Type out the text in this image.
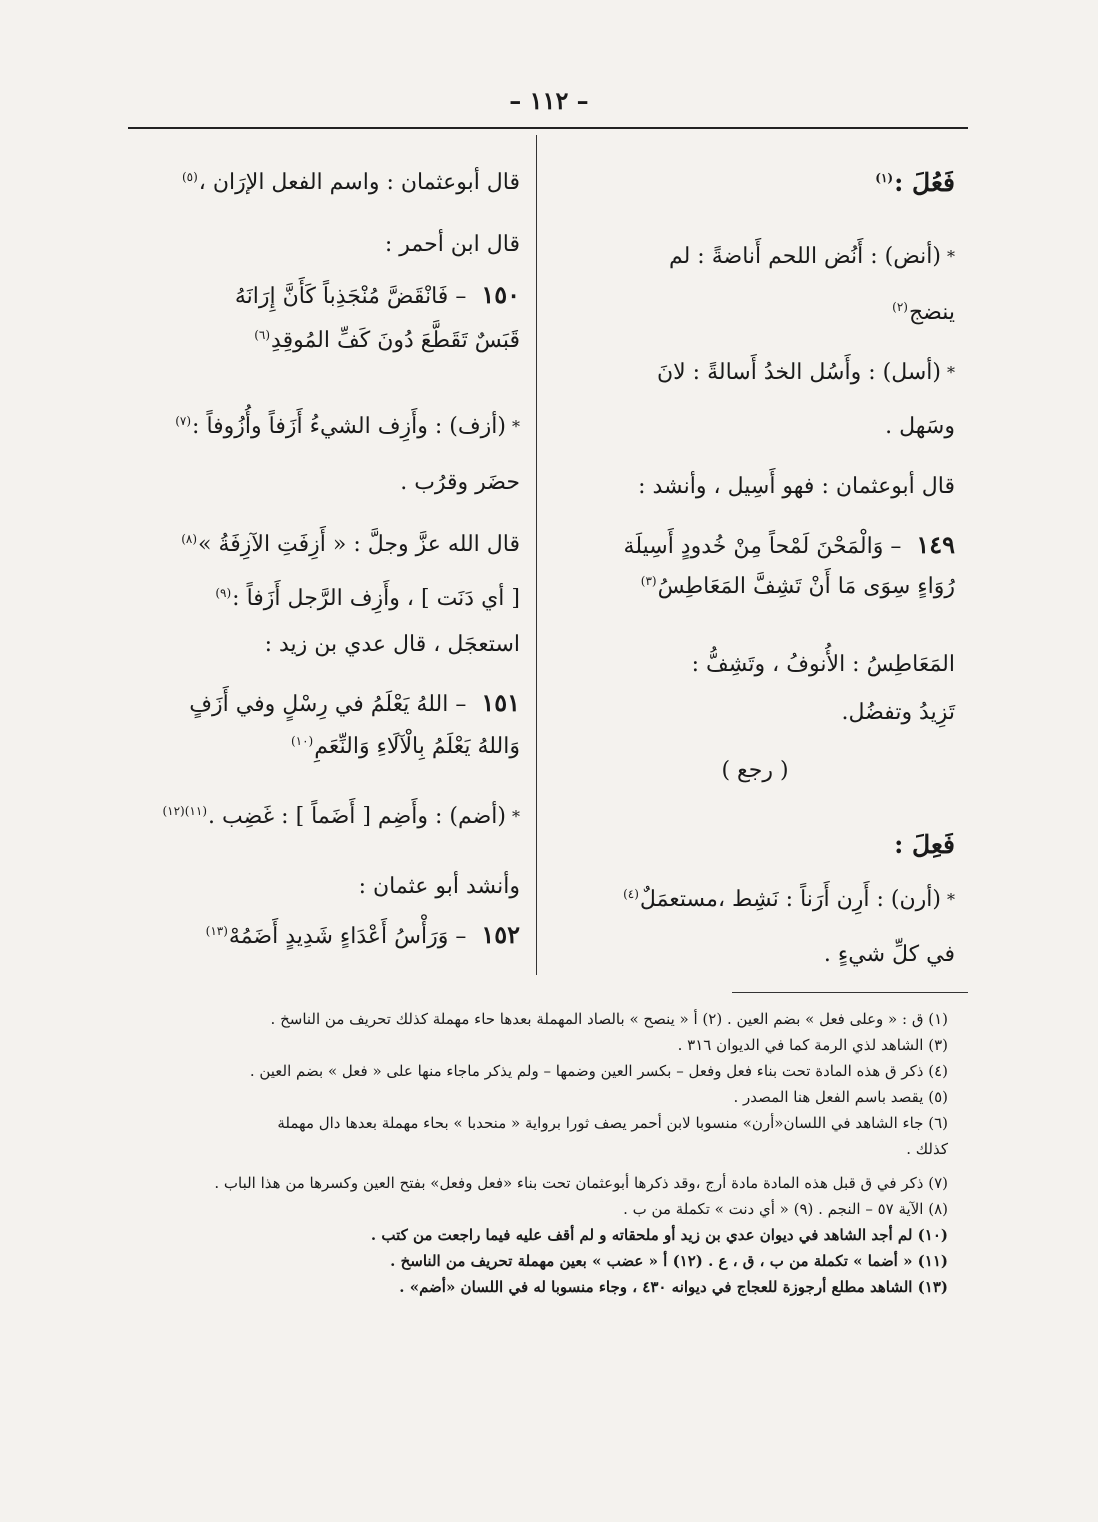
– ١١٢ –
فَعُلَ :$^{(١)}$
*(أنض) : أَنُض اللحم أَناضةً : لم
ينضج$^{(٢)}$
*(أسل) : وأَسُل الخدُ أَسالةً : لانَ
وسَهل .
قال أبوعثمان : فهو أَسِيل ، وأنشد :
١٤٩ – وَالْمَحْنَ لَمْحاً مِنْ خُدودٍ أَسِيلَة
رُوَاءٍ سِوَى مَا أَنْ تَشِفَّ المَعَاطِسُ$^{(٣)}$
المَعَاطِسُ : الأُنوفُ ، وتَشِفُّ :
تَزِيدُ وتفضُل.
( رجع )
فَعِلَ :
*(أرن) : أَرِن أَرَناً : نَشِط ،مستعمَلٌ$^{(٤)}$
في كلِّ شيءٍ .
قال أبوعثمان : واسم الفعل الإرَان ،$^{(٥)}$
قال ابن أحمر :
١٥٠ – فَانْقَضَّ مُنْجَذِباً كَأَنَّ إِرَانَهُ
قَبَسٌ تَقَطَّعَ دُونَ كَفِّ المُوقِدِ$^{(٦)}$
*(أزف) : وأَزِف الشيءُ أَزَفاً وأُزُوفاً :$^{(٧)}$
حضَر وقرُب .
قال الله عزَّ وجلَّ : « أَزِفَتِ الآزِفَةُ »$^{(٨)}$
[ أي دَنَت ] ، وأَزِف الرَّجل أَزَفاً :$^{(٩)}$
استعجَل ، قال عدي بن زيد :
١٥١ – اللهُ يَعْلَمُ في رِسْلٍ وفي أَزَفٍ
وَاللهُ يَعْلَمُ بِالْآلَاءِ وَالنِّعَمِ$^{(١٠)}$
*(أضم) : وأَضِم [ أَضَماً ] : غَضِب .$^{(١١)(١٢)}$
وأنشد أبو عثمان :
١٥٢ – وَرَأْسُ أَعْدَاءٍ شَدِيدٍ أَضَمُهْ$^{(١٣)}$
(١) ق : « وعلى فعل » بضم العين . (٢) أ « ينصح » بالصاد المهملة بعدها حاء مهملة كذلك تحريف من الناسخ .
(٣) الشاهد لذي الرمة كما في الديوان ٣١٦ .
(٤) ذكر ق هذه المادة تحت بناء فعل وفعل – بكسر العين وضمها – ولم يذكر ماجاء منها على « فعل » بضم العين .
(٥) يقصد باسم الفعل هنا المصدر .
(٦) جاء الشاهد في اللسان«أرن» منسوبا لابن أحمر يصف ثورا برواية « منحدبا » بحاء مهملة بعدها دال مهملة
كذلك .
(٧) ذكر في ق قبل هذه المادة مادة أرج ،وقد ذكرها أبوعثمان تحت بناء «فعل وفعل» بفتح العين وكسرها من هذا الباب .
(٨) الآية ٥٧ – النجم . (٩) « أي دنت » تكملة من ب .
(١٠) لم أجد الشاهد في ديوان عدي بن زيد أو ملحقاته و لم أقف عليه فيما راجعت من كتب .
(١١) « أضما » تكملة من ب ، ق ، ع . (١٢) أ « عضب » بعين مهملة تحريف من الناسخ .
(١٣) الشاهد مطلع أرجوزة للعجاج في ديوانه ٤٣٠ ، وجاء منسوبا له في اللسان «أضم» .
